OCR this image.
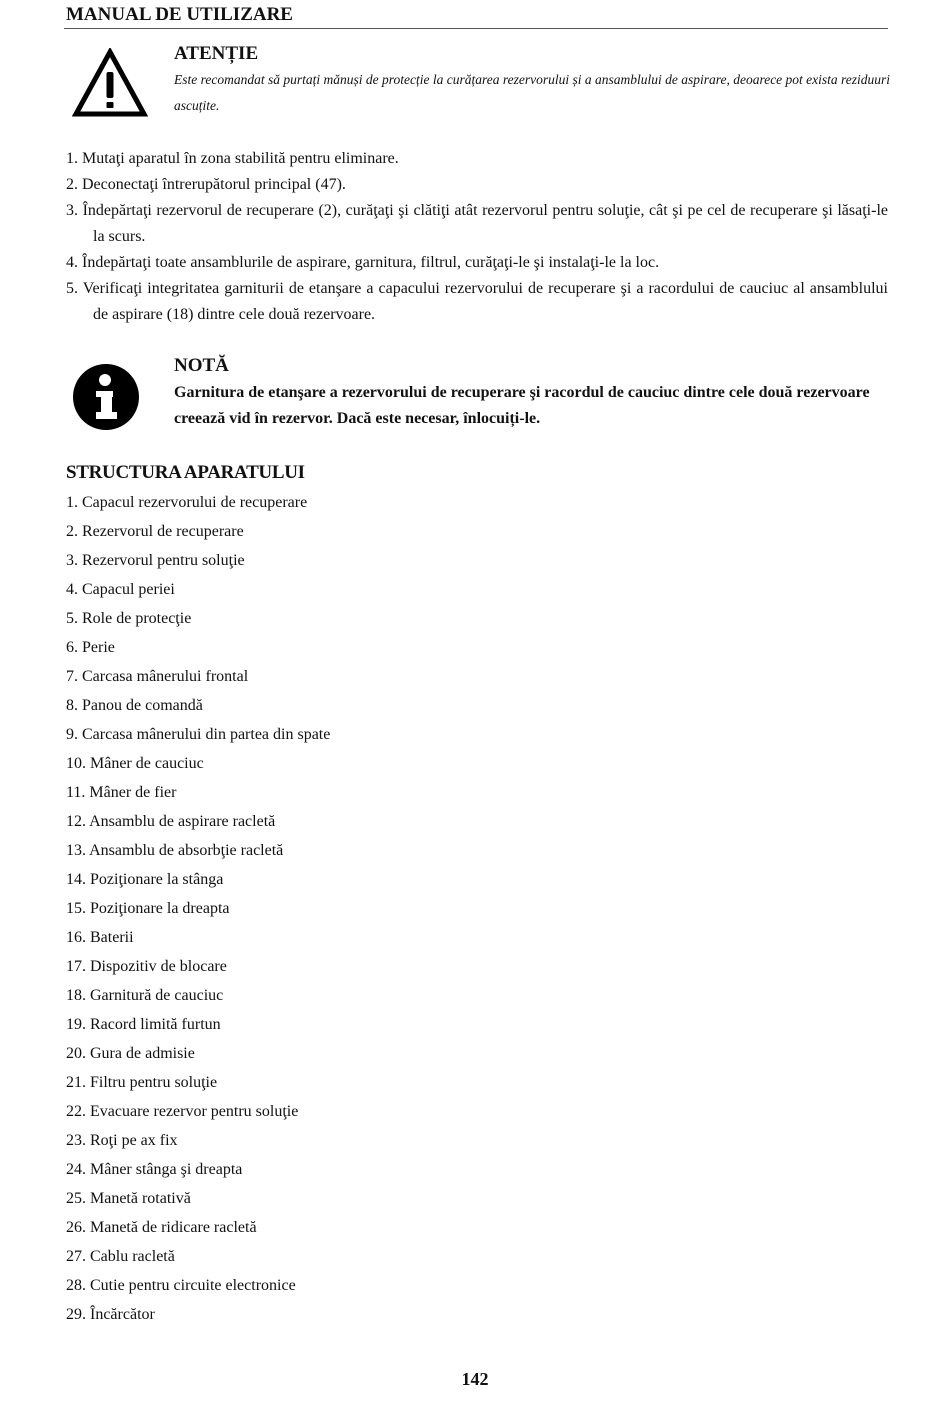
MANUAL DE UTILIZARE
ATENȚIE
Este recomandat să purtați mănuși de protecție la curățarea rezervorului și a ansamblului de aspirare, deoarece pot exista reziduuri ascuțite.
1. Mutaţi aparatul în zona stabilită pentru eliminare.
2. Deconectaţi întrerupătorul principal (47).
3. Îndepărtaţi rezervorul de recuperare (2), curăţaţi şi clătiţi atât rezervorul pentru soluţie, cât şi pe cel de recuperare şi lăsaţi-le la scurs.
4. Îndepărtaţi toate ansamblurile de aspirare, garnitura, filtrul, curăţaţi-le şi instalaţi-le la loc.
5. Verificaţi integritatea garniturii de etanşare a capacului rezervorului de recuperare şi a racordului de cauciuc al ansamblului de aspirare (18) dintre cele două rezervoare.
NOTĂ
Garnitura de etanşare a rezervorului de recuperare şi racordul de cauciuc dintre cele două rezervoare creează vid în rezervor. Dacă este necesar, înlocuiți-le.
STRUCTURA APARATULUI
1. Capacul rezervorului de recuperare
2. Rezervorul de recuperare
3. Rezervorul pentru soluţie
4. Capacul periei
5. Role de protecţie
6. Perie
7. Carcasa mânerului frontal
8. Panou de comandă
9. Carcasa mânerului din partea din spate
10. Mâner de cauciuc
11. Mâner de fier
12. Ansamblu de aspirare racletă
13. Ansamblu de absorbţie racletă
14. Poziţionare la stânga
15. Poziţionare la dreapta
16. Baterii
17. Dispozitiv de blocare
18. Garnitură de cauciuc
19. Racord limită furtun
20. Gura de admisie
21. Filtru pentru soluţie
22. Evacuare rezervor pentru soluţie
23. Roţi pe ax fix
24. Mâner stânga şi dreapta
25. Manetă rotativă
26. Manetă de ridicare racletă
27. Cablu racletă
28. Cutie pentru circuite electronice
29. Încărcător
142
